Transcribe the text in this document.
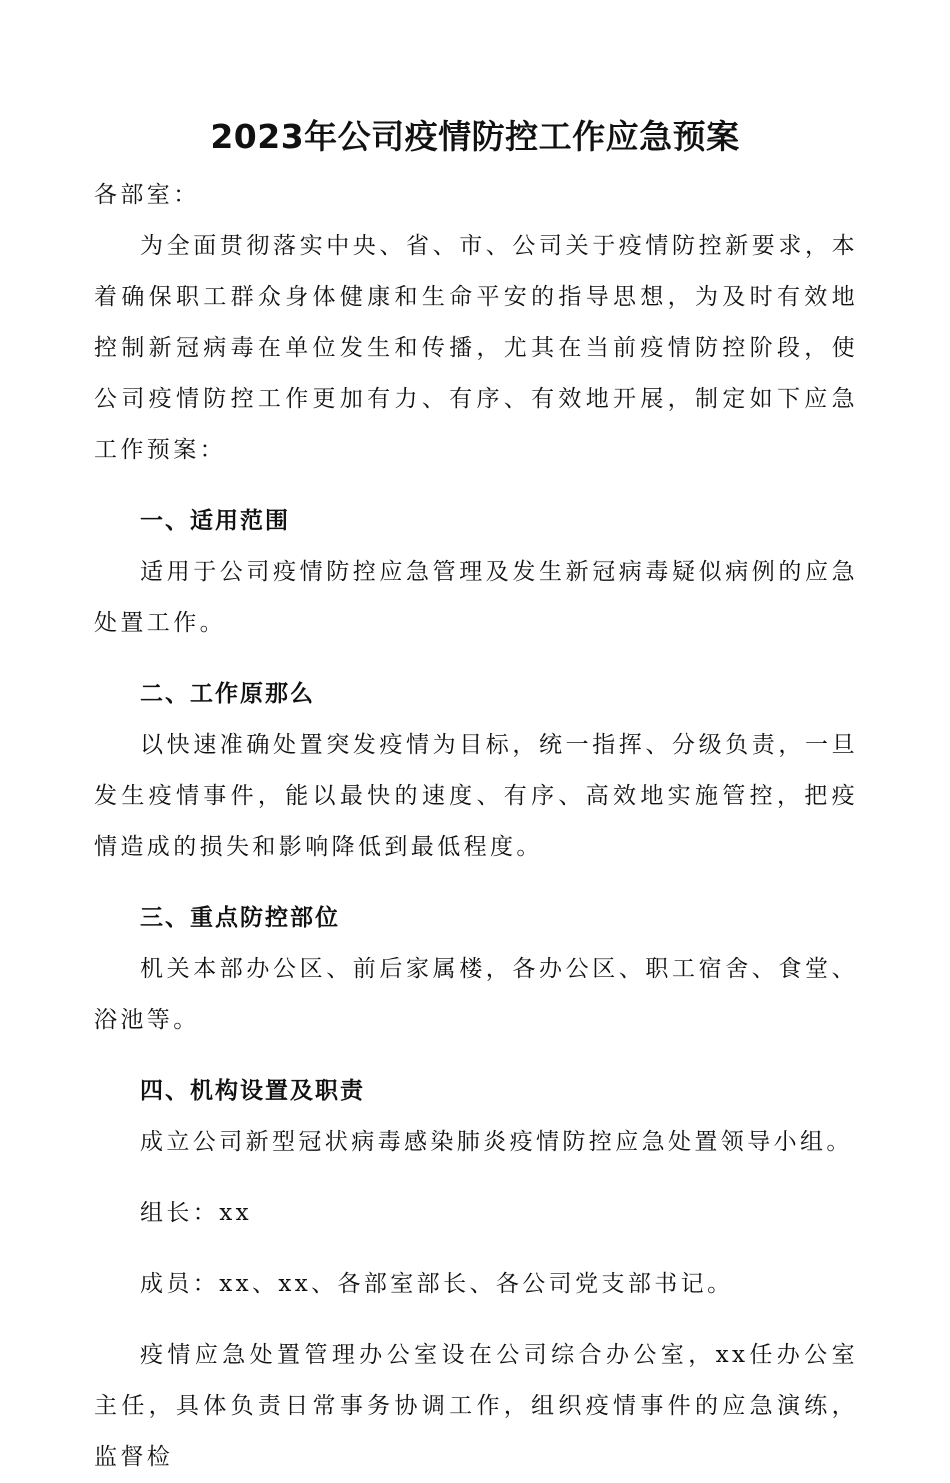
2023年公司疫情防控工作应急预案

各部室：

为全面贯彻落实中央、省、市、公司关于疫情防控新要求，本着确保职工群众身体健康和生命平安的指导思想，为及时有效地控制新冠病毒在单位发生和传播，尤其在当前疫情防控阶段，使公司疫情防控工作更加有力、有序、有效地开展，制定如下应急工作预案：

一、适用范围

适用于公司疫情防控应急管理及发生新冠病毒疑似病例的应急处置工作。

二、工作原那么

以快速准确处置突发疫情为目标，统一指挥、分级负责，一旦发生疫情事件，能以最快的速度、有序、高效地实施管控，把疫情造成的损失和影响降低到最低程度。

三、重点防控部位

机关本部办公区、前后家属楼，各办公区、职工宿舍、食堂、浴池等。

四、机构设置及职责

成立公司新型冠状病毒感染肺炎疫情防控应急处置领导小组。

组长：xx

成员：xx、xx、各部室部长、各公司党支部书记。

疫情应急处置管理办公室设在公司综合办公室，xx任办公室主任，具体负责日常事务协调工作，组织疫情事件的应急演练，监督检
